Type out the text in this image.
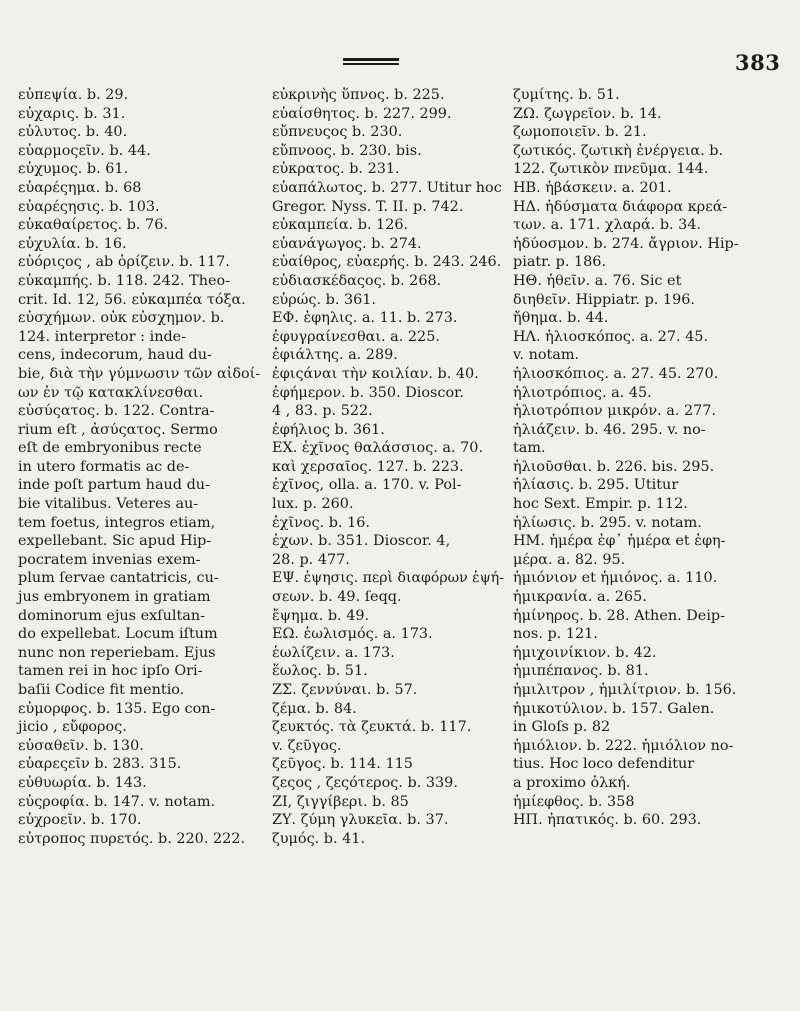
383
εὐπεψία. b. 29.
εὐχαρις. b. 31.
εὐλυτος. b. 40.
εὐαρμοςεῖν. b. 44.
εὐχυμος. b. 61.
εὐαρέςημα. b. 68
εὐαρέςησις. b. 103.
εὐκαθαίρετος. b. 76.
εὐχυλία. b. 16.
εὐόριςος , ab ὁρίζειν. b. 117.
εὐκαμπής. b. 118. 242. Theo-
crit. Id. 12, 56. εὐκαμπέα τόξα.
εὐσχήμων. οὐκ εὐσχημον. b.
124. interpretor : inde-
cens, indecorum, haud du-
bie, διὰ τὴν γύμνωσιν τῶν αἰδοί-
ων ἐν τῷ κατακλίνεσθαι.
εὐσύςατος. b. 122. Contra-
rium eſt , ἀσύςατος. Sermo
eſt de embryonibus recte
in utero formatis ac de-
inde poſt partum haud du-
bie vitalibus. Veteres au-
tem foetus, integros etiam,
expellebant. Sic apud Hip-
pocratem invenias exem-
plum ſervae cantatricis, cu-
jus embryonem in gratiam
dominorum ejus exſultan-
do expellebat. Locum iſtum
nunc non reperiebam. Ejus
tamen rei in hoc ipſo Ori-
baſii Codice fit mentio.
εὐμορφος. b. 135. Ego con-
jicio , εὔφορος.
εὐσαθεῖν. b. 130.
εὐαρεςεῖν b. 283. 315.
εὐθυωρία. b. 143.
εὐςροφία. b. 147. v. notam.
εὐχροεῖν. b. 170.
εὐτροπος πυρετός. b. 220. 222.
εὐκρινὴς ὕπνος. b. 225.
εὐαίσθητος. b. 227. 299.
εὔπνευςος b. 230.
εὔπνοος. b. 230. bis.
εὐκρατος. b. 231.
εὐαπάλωτος. b. 277. Utitur hoc
Gregor. Nyss. T. II. p. 742.
εὐκαμπεία. b. 126.
εὐανάγωγος. b. 274.
εὐαίθρος, εὐαερής. b. 243. 246.
εὐδιασκέδαςος. b. 268.
εὐρώς. b. 361.
ΕΦ. ἐφηλις. a. 11. b. 273.
ἐφυγραίνεσθαι. a. 225.
ἐφιάλτης. a. 289.
ἐφιςάναι τὴν κοιλίαν. b. 40.
ἐφήμερον. b. 350. Dioscor.
4 , 83. p. 522.
ἐφήλιος b. 361.
ΕΧ. ἐχῖνος θαλάσσιος. a. 70.
καὶ χερσαῖος. 127. b. 223.
ἐχῖνος, olla. a. 170. v. Pol-
lux. p. 260.
ἐχῖνος. b. 16.
ἐχων. b. 351. Dioscor. 4,
28. p. 477.
ΕΨ. ἐψησις. περὶ διαφόρων ἑψή-
σεων. b. 49. ſeqq.
ἔψημα. b. 49.
ΕΩ. ἑωλισμός. a. 173.
ἑωλίζειν. a. 173.
ἕωλος. b. 51.
ΖΣ. ζεννύναι. b. 57.
ζέμα. b. 84.
ζευκτός. τὰ ζευκτά. b. 117.
v. ζεῦγος.
ζεῦγος. b. 114. 115
ζεςος , ζεςότερος. b. 339.
ΖΙ, ζιγγίβερι. b. 85
ΖΥ. ζύμη γλυκεῖα. b. 37.
ζυμός. b. 41.
ζυμίτης. b. 51.
ΖΩ. ζωγρεῖον. b. 14.
ζωμοποιεῖν. b. 21.
ζωτικός. ζωτικὴ ἐνέργεια. b.
122. ζωτικὸν πνεῦμα. 144.
ΗΒ. ἡβάσκειν. a. 201.
ΗΔ. ἡδύσματα διάφορα κρεά-
των. a. 171. χλαρά. b. 34.
ἡδύοσμον. b. 274. ἄγριον. Hip-
piatr. p. 186.
ΗΘ. ἠθεῖν. a. 76. Sic et
διηθεῖν. Hippiatr. p. 196.
ἤθημα. b. 44.
ΗΛ. ἡλιοσκόπος. a. 27. 45.
v. notam.
ἡλιοσκόπιος. a. 27. 45. 270.
ἡλιοτρόπιος. a. 45.
ἡλιοτρόπιον μικρόν. a. 277.
ἡλιάζειν. b. 46. 295. v. no-
tam.
ἡλιοῦσθαι. b. 226. bis. 295.
ἡλίασις. b. 295. Utitur
hoc Sext. Empir. p. 112.
ἡλίωσις. b. 295. v. notam.
ΗΜ. ἡμέρα ἐφ᾽ ἡμέρα et ἐφη-
μέρα. a. 82. 95.
ἡμιόνιον et ἡμιόνος. a. 110.
ἡμικρανία. a. 265.
ἡμίνηρος. b. 28. Athen. Deip-
nos. p. 121.
ἡμιχοινίκιον. b. 42.
ἡμιπέπανος. b. 81.
ἡμιλιτρον , ἡμιλίτριον. b. 156.
ἡμικοτύλιον. b. 157. Galen.
in Gloſs p. 82
ἡμιόλιον. b. 222. ἡμιόλιον no-
tius. Hoc loco defenditur
a proximo ὀλκή.
ἡμίεφθος. b. 358
ΗΠ. ἠπατικός. b. 60. 293.
